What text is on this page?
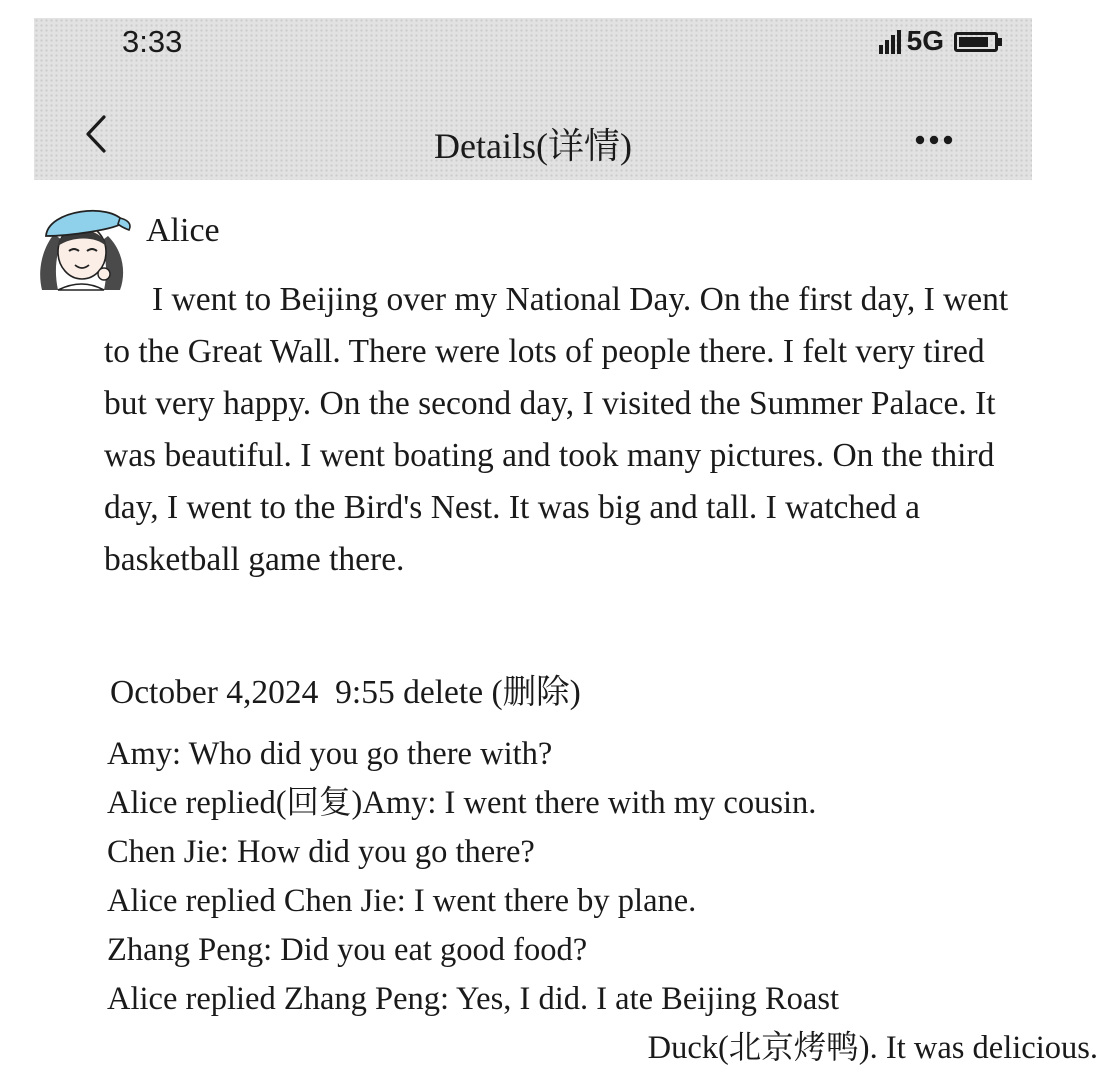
3:33	5G
Details(详情)
Alice

I went to Beijing over my National Day. On the first day, I went to the Great Wall. There were lots of people there. I felt very tired but very happy. On the second day, I visited the Summer Palace. It was beautiful. I went boating and took many pictures. On the third day, I went to the Bird's Nest. It was big and tall. I watched a basketball game there.

October 4,2024 9:55 delete (删除)
Amy: Who did you go there with?
Alice replied(回复)Amy: I went there with my cousin.
Chen Jie: How did you go there?
Alice replied Chen Jie: I went there by plane.
Zhang Peng: Did you eat good food?
Alice replied Zhang Peng: Yes, I did. I ate Beijing Roast
Duck(北京烤鸭). It was delicious.
